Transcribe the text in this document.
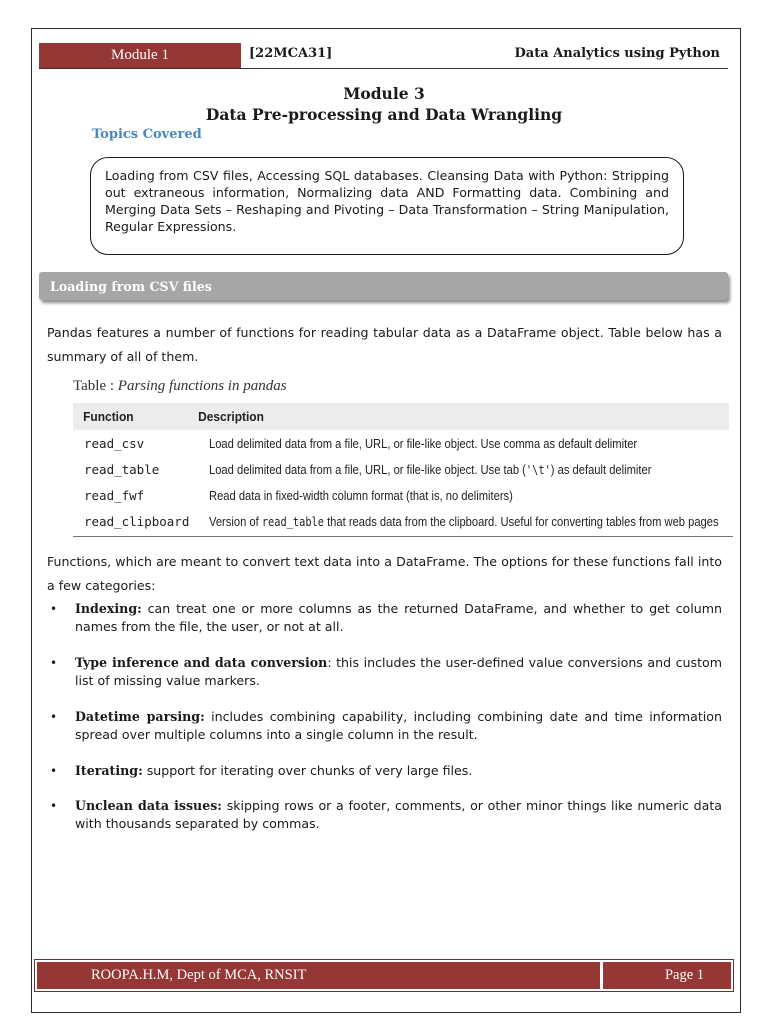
Module 1	[22MCA31]	Data Analytics using Python
Module 3
Data Pre-processing and Data Wrangling
Topics Covered
Loading from CSV files, Accessing SQL databases. Cleansing Data with Python: Stripping out extraneous information, Normalizing data AND Formatting data. Combining and Merging Data Sets – Reshaping and Pivoting – Data Transformation – String Manipulation, Regular Expressions.
Loading from CSV files
Pandas features a number of functions for reading tabular data as a DataFrame object. Table below has a summary of all of them.
Table : Parsing functions in pandas
Function	Description
read_csv	Load delimited data from a file, URL, or file-like object. Use comma as default delimiter
read_table	Load delimited data from a file, URL, or file-like object. Use tab ('\t') as default delimiter
read_fwf	Read data in fixed-width column format (that is, no delimiters)
read_clipboard	Version of read_table that reads data from the clipboard. Useful for converting tables from web pages
Functions, which are meant to convert text data into a DataFrame. The options for these functions fall into a few categories:
• Indexing: can treat one or more columns as the returned DataFrame, and whether to get column names from the file, the user, or not at all.
• Type inference and data conversion: this includes the user-defined value conversions and custom list of missing value markers.
• Datetime parsing: includes combining capability, including combining date and time information spread over multiple columns into a single column in the result.
• Iterating: support for iterating over chunks of very large files.
• Unclean data issues: skipping rows or a footer, comments, or other minor things like numeric data with thousands separated by commas.
ROOPA.H.M, Dept of MCA, RNSIT	Page 1
